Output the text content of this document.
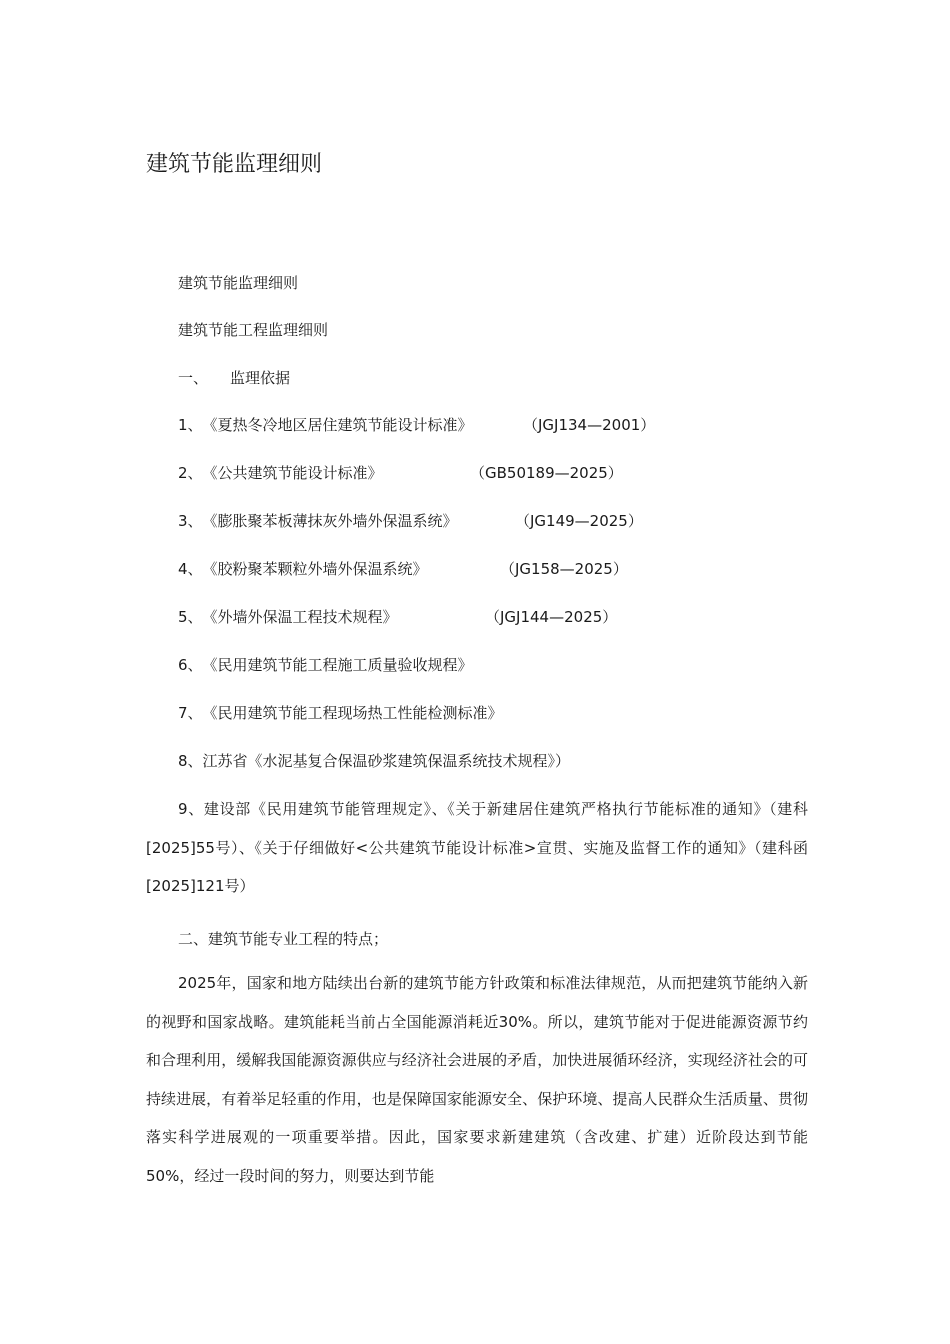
建筑节能监理细则
建筑节能监理细则
建筑节能工程监理细则
一、 监理依据
1、《夏热冬冷地区居住建筑节能设计标准》	（JGJ134—2001）
2、《公共建筑节能设计标准》	（GB50189—2025）
3、《膨胀聚苯板薄抹灰外墙外保温系统》	（JG149—2025）
4、《胶粉聚苯颗粒外墙外保温系统》	（JG158—2025）
5、《外墙外保温工程技术规程》	（JGJ144—2025）
6、《民用建筑节能工程施工质量验收规程》
7、《民用建筑节能工程现场热工性能检测标准》
8、江苏省《水泥基复合保温砂浆建筑保温系统技术规程》）
9、建设部《民用建筑节能管理规定》、《关于新建居住建筑严格执行节能标准的通知》（建科[2025]55号）、《关于仔细做好<公共建筑节能设计标准>宣贯、实施及监督工作的通知》（建科函[2025]121号）
二、建筑节能专业工程的特点；
2025年，国家和地方陆续出台新的建筑节能方针政策和标准法律规范，从而把建筑节能纳入新的视野和国家战略。建筑能耗当前占全国能源消耗近30%。所以，建筑节能对于促进能源资源节约和合理利用，缓解我国能源资源供应与经济社会进展的矛盾，加快进展循环经济，实现经济社会的可持续进展，有着举足轻重的作用，也是保障国家能源安全、保护环境、提高人民群众生活质量、贯彻落实科学进展观的一项重要举措。因此，国家要求新建建筑（含改建、扩建）近阶段达到节能50%，经过一段时间的努力，则要达到节能
